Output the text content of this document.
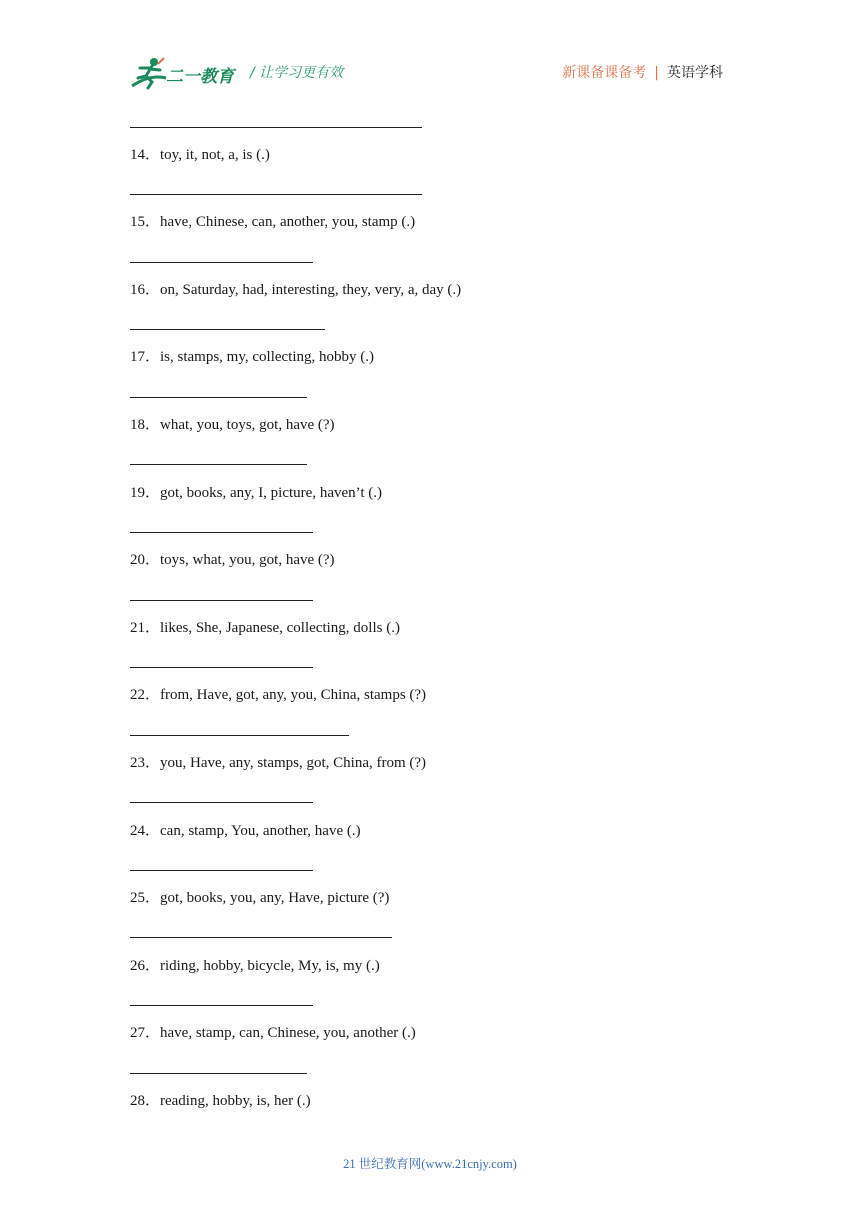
二一教育 / 让学习更有效	新课备课备考 | 英语学科
14．toy, it, not, a, is (.)
15．have, Chinese, can, another, you, stamp (.)
16．on, Saturday, had, interesting, they, very, a, day (.)
17．is, stamps, my, collecting, hobby (.)
18．what, you, toys, got, have (?)
19．got, books, any, I, picture, haven’t (.)
20．toys, what, you, got, have (?)
21．likes, She, Japanese, collecting, dolls (.)
22．from, Have, got, any, you, China, stamps (?)
23．you, Have, any, stamps, got, China, from (?)
24．can, stamp, You, another, have (.)
25．got, books, you, any, Have, picture (?)
26．riding, hobby, bicycle, My, is, my (.)
27．have, stamp, can, Chinese, you, another (.)
28．reading, hobby, is, her (.)
21 世纪教育网(www.21cnjy.com)
